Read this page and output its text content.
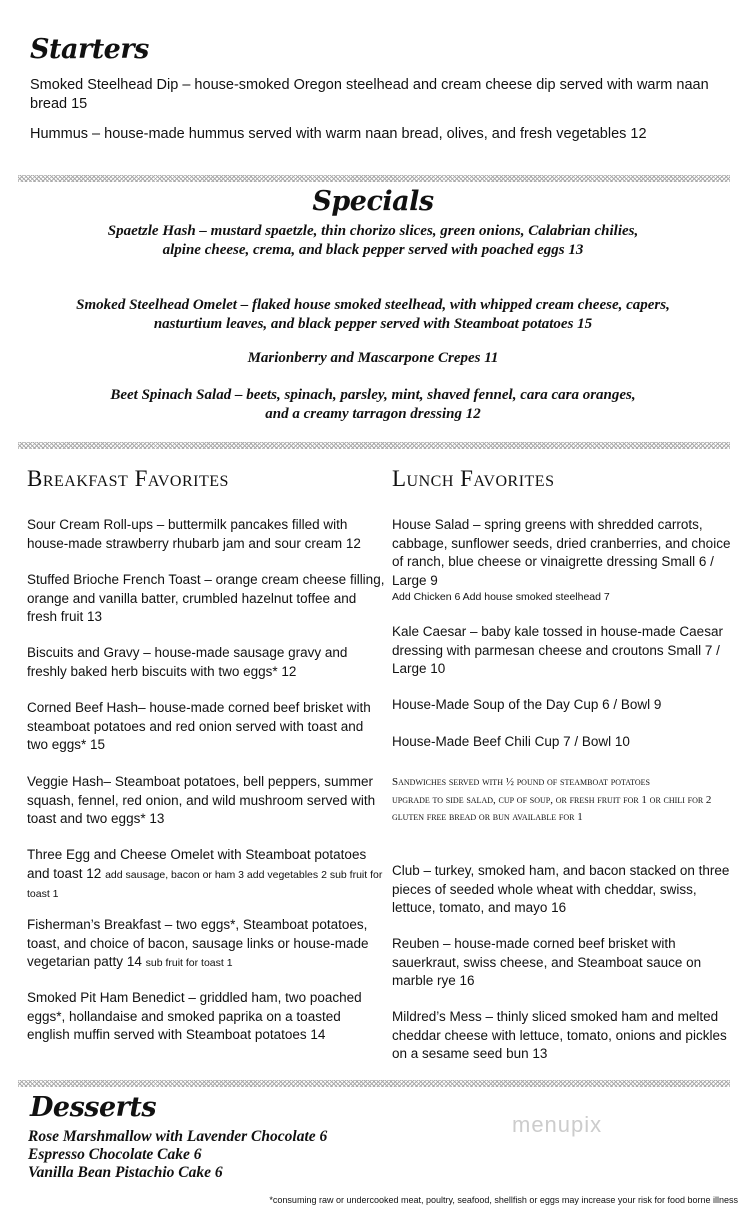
Starters
Smoked Steelhead Dip – house-smoked Oregon steelhead and cream cheese dip served with warm naan bread 15
Hummus – house-made hummus served with warm naan bread, olives, and fresh vegetables 12
Specials
Spaetzle Hash – mustard spaetzle, thin chorizo slices, green onions, Calabrian chilies,
alpine cheese, crema, and black pepper served with poached eggs 13
Smoked Steelhead Omelet – flaked house smoked steelhead, with whipped cream cheese, capers,
nasturtium leaves, and black pepper served with Steamboat potatoes 15
Marionberry and Mascarpone Crepes 11
Beet Spinach Salad – beets, spinach, parsley, mint, shaved fennel, cara cara oranges,
and a creamy tarragon dressing 12
Breakfast Favorites
Sour Cream Roll-ups – buttermilk pancakes filled with house-made strawberry rhubarb jam and sour cream 12
Stuffed Brioche French Toast – orange cream cheese filling, orange and vanilla batter, crumbled hazelnut toffee and fresh fruit 13
Biscuits and Gravy – house-made sausage gravy and freshly baked herb biscuits with two eggs* 12
Corned Beef Hash– house-made corned beef brisket with steamboat potatoes and red onion served with toast and two eggs* 15
Veggie Hash– Steamboat potatoes, bell peppers, summer squash, fennel, red onion, and wild mushroom served with toast and two eggs* 13
Three Egg and Cheese Omelet with Steamboat potatoes and toast 12 add sausage, bacon or ham 3 add vegetables 2 sub fruit for toast 1
Fisherman’s Breakfast – two eggs*, Steamboat potatoes, toast, and choice of bacon, sausage links or house-made vegetarian patty 14 sub fruit for toast 1
Smoked Pit Ham Benedict – griddled ham, two poached eggs*, hollandaise and smoked paprika on a toasted english muffin served with Steamboat potatoes 14
Lunch Favorites
House Salad – spring greens with shredded carrots, cabbage, sunflower seeds, dried cranberries, and choice of ranch, blue cheese or vinaigrette dressing Small 6 / Large 9
Add Chicken 6 Add house smoked steelhead 7
Kale Caesar – baby kale tossed in house-made Caesar dressing with parmesan cheese and croutons Small 7 / Large 10
House-Made Soup of the Day Cup 6 / Bowl 9
House-Made Beef Chili Cup 7 / Bowl 10
Sandwiches served with ½ pound of steamboat potatoes
upgrade to side salad, cup of soup, or fresh fruit for 1 or chili for 2
gluten free bread or bun available for 1
Club – turkey, smoked ham, and bacon stacked on three pieces of seeded whole wheat with cheddar, swiss, lettuce, tomato, and mayo 16
Reuben – house-made corned beef brisket with sauerkraut, swiss cheese, and Steamboat sauce on marble rye 16
Mildred’s Mess – thinly sliced smoked ham and melted cheddar cheese with lettuce, tomato, onions and pickles on a sesame seed bun 13
Desserts
Rose Marshmallow with Lavender Chocolate 6
Espresso Chocolate Cake 6
Vanilla Bean Pistachio Cake 6
menupix
*consuming raw or undercooked meat, poultry, seafood, shellfish or eggs may increase your risk for food borne illness
